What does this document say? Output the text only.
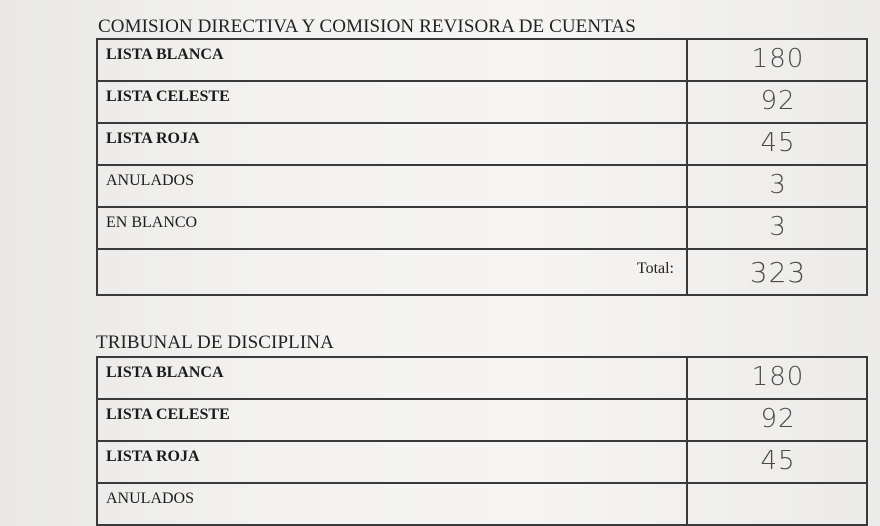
COMISION DIRECTIVA Y COMISION REVISORA DE CUENTAS
LISTA BLANCA	180
LISTA CELESTE	92
LISTA ROJA	45
ANULADOS	3
EN BLANCO	3
Total:	323
TRIBUNAL DE DISCIPLINA
LISTA BLANCA	180
LISTA CELESTE	92
LISTA ROJA	45
ANULADOS
